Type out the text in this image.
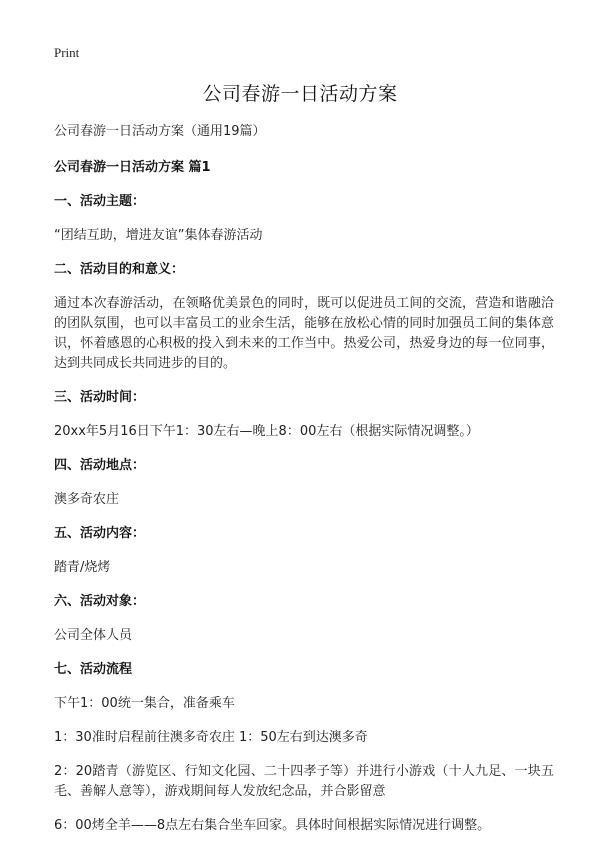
Print
公司春游一日活动方案

公司春游一日活动方案（通用19篇）

公司春游一日活动方案 篇1

一、活动主题：

“团结互助，增进友谊”集体春游活动

二、活动目的和意义：

通过本次春游活动，在领略优美景色的同时，既可以促进员工间的交流，营造和谐融洽的团队氛围，也可以丰富员工的业余生活，能够在放松心情的同时加强员工间的集体意识，怀着感恩的心积极的投入到未来的工作当中。热爱公司，热爱身边的每一位同事，达到共同成长共同进步的目的。

三、活动时间：

20xx年5月16日下午1：30左右—晚上8：00左右（根据实际情况调整。）

四、活动地点：

澳多奇农庄

五、活动内容：

踏青/烧烤

六、活动对象：

公司全体人员

七、活动流程

下午1：00统一集合，准备乘车

1：30准时启程前往澳多奇农庄 1：50左右到达澳多奇

2：20踏青（游览区、行知文化园、二十四孝子等）并进行小游戏（十人九足、一块五毛、善解人意等），游戏期间每人发放纪念品，并合影留意

6：00烤全羊——8点左右集合坐车回家。具体时间根据实际情况进行调整。
